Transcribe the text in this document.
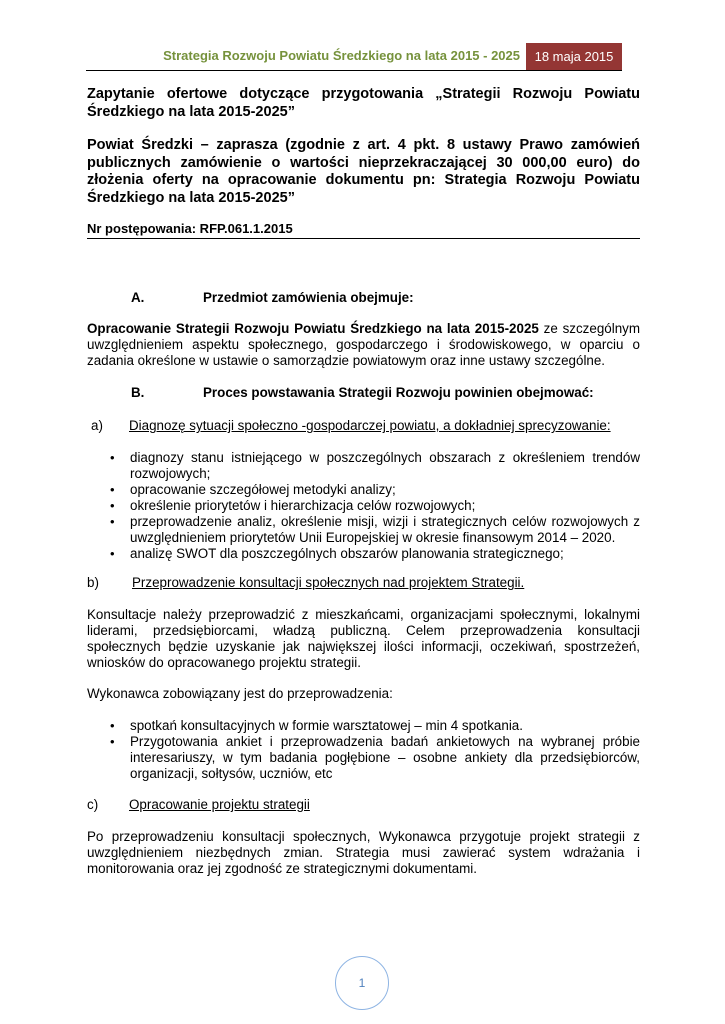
Strategia Rozwoju Powiatu Średzkiego na lata 2015 - 2025	18 maja 2015

Zapytanie ofertowe dotyczące przygotowania „Strategii Rozwoju Powiatu Średzkiego na lata 2015-2025”

Powiat Średzki – zaprasza (zgodnie z art. 4 pkt. 8 ustawy Prawo zamówień publicznych zamówienie o wartości nieprzekraczającej 30 000,00 euro) do złożenia oferty na opracowanie dokumentu pn: Strategia Rozwoju Powiatu Średzkiego na lata 2015-2025”

Nr postępowania: RFP.061.1.2015
A.	Przedmiot zamówienia obejmuje:

Opracowanie Strategii Rozwoju Powiatu Średzkiego na lata 2015-2025 ze szczególnym uwzględnieniem aspektu społecznego, gospodarczego i środowiskowego, w oparciu o zadania określone w ustawie o samorządzie powiatowym oraz inne ustawy szczególne.

B.	Proces powstawania Strategii Rozwoju powinien obejmować:
a) Diagnozę sytuacji społeczno -gospodarczej powiatu, a dokładniej sprecyzowanie:
• diagnozy stanu istniejącego w poszczególnych obszarach z określeniem trendów rozwojowych;
• opracowanie szczegółowej metodyki analizy;
• określenie priorytetów i hierarchizacja celów rozwojowych;
• przeprowadzenie analiz, określenie misji, wizji i strategicznych celów rozwojowych z uwzględnieniem priorytetów Unii Europejskiej w okresie finansowym 2014 – 2020.
• analizę SWOT dla poszczególnych obszarów planowania strategicznego;
b) Przeprowadzenie konsultacji społecznych nad projektem Strategii.

Konsultacje należy przeprowadzić z mieszkańcami, organizacjami społecznymi, lokalnymi liderami, przedsiębiorcami, władzą publiczną. Celem przeprowadzenia konsultacji społecznych będzie uzyskanie jak największej ilości informacji, oczekiwań, spostrzeżeń, wniosków do opracowanego projektu strategii.

Wykonawca zobowiązany jest do przeprowadzenia:

• spotkań konsultacyjnych w formie warsztatowej – min 4 spotkania.
• Przygotowania ankiet i przeprowadzenia badań ankietowych na wybranej próbie interesariuszy, w tym badania pogłębione – osobne ankiety dla przedsiębiorców, organizacji, sołtysów, uczniów, etc
c) Opracowanie projektu strategii

Po przeprowadzeniu konsultacji społecznych, Wykonawca przygotuje projekt strategii z uwzględnieniem niezbędnych zmian. Strategia musi zawierać system wdrażania i monitorowania oraz jej zgodność ze strategicznymi dokumentami.

1
